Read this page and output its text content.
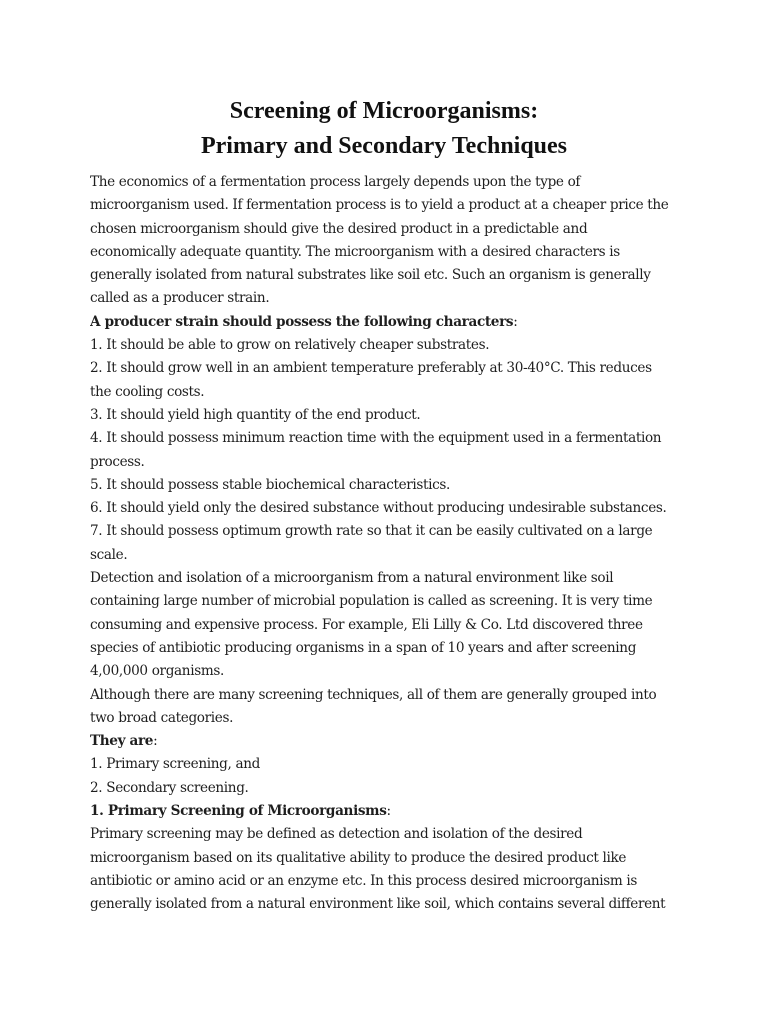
Screening of Microorganisms:
Primary and Secondary Techniques
The economics of a fermentation process largely depends upon the type of
microorganism used. If fermentation process is to yield a product at a cheaper price the
chosen microorganism should give the desired product in a predictable and
economically adequate quantity. The microorganism with a desired characters is
generally isolated from natural substrates like soil etc. Such an organism is generally
called as a producer strain.
A producer strain should possess the following characters:
1. It should be able to grow on relatively cheaper substrates.
2. It should grow well in an ambient temperature preferably at 30-40°C. This reduces
the cooling costs.
3. It should yield high quantity of the end product.
4. It should possess minimum reaction time with the equipment used in a fermentation
process.
5. It should possess stable biochemical characteristics.
6. It should yield only the desired substance without producing undesirable substances.
7. It should possess optimum growth rate so that it can be easily cultivated on a large
scale.
Detection and isolation of a microorganism from a natural environment like soil
containing large number of microbial population is called as screening. It is very time
consuming and expensive process. For example, Eli Lilly & Co. Ltd discovered three
species of antibiotic producing organisms in a span of 10 years and after screening
4,00,000 organisms.
Although there are many screening techniques, all of them are generally grouped into
two broad categories.
They are:
1. Primary screening, and
2. Secondary screening.
1. Primary Screening of Microorganisms:
Primary screening may be defined as detection and isolation of the desired
microorganism based on its qualitative ability to produce the desired product like
antibiotic or amino acid or an enzyme etc. In this process desired microorganism is
generally isolated from a natural environment like soil, which contains several different
